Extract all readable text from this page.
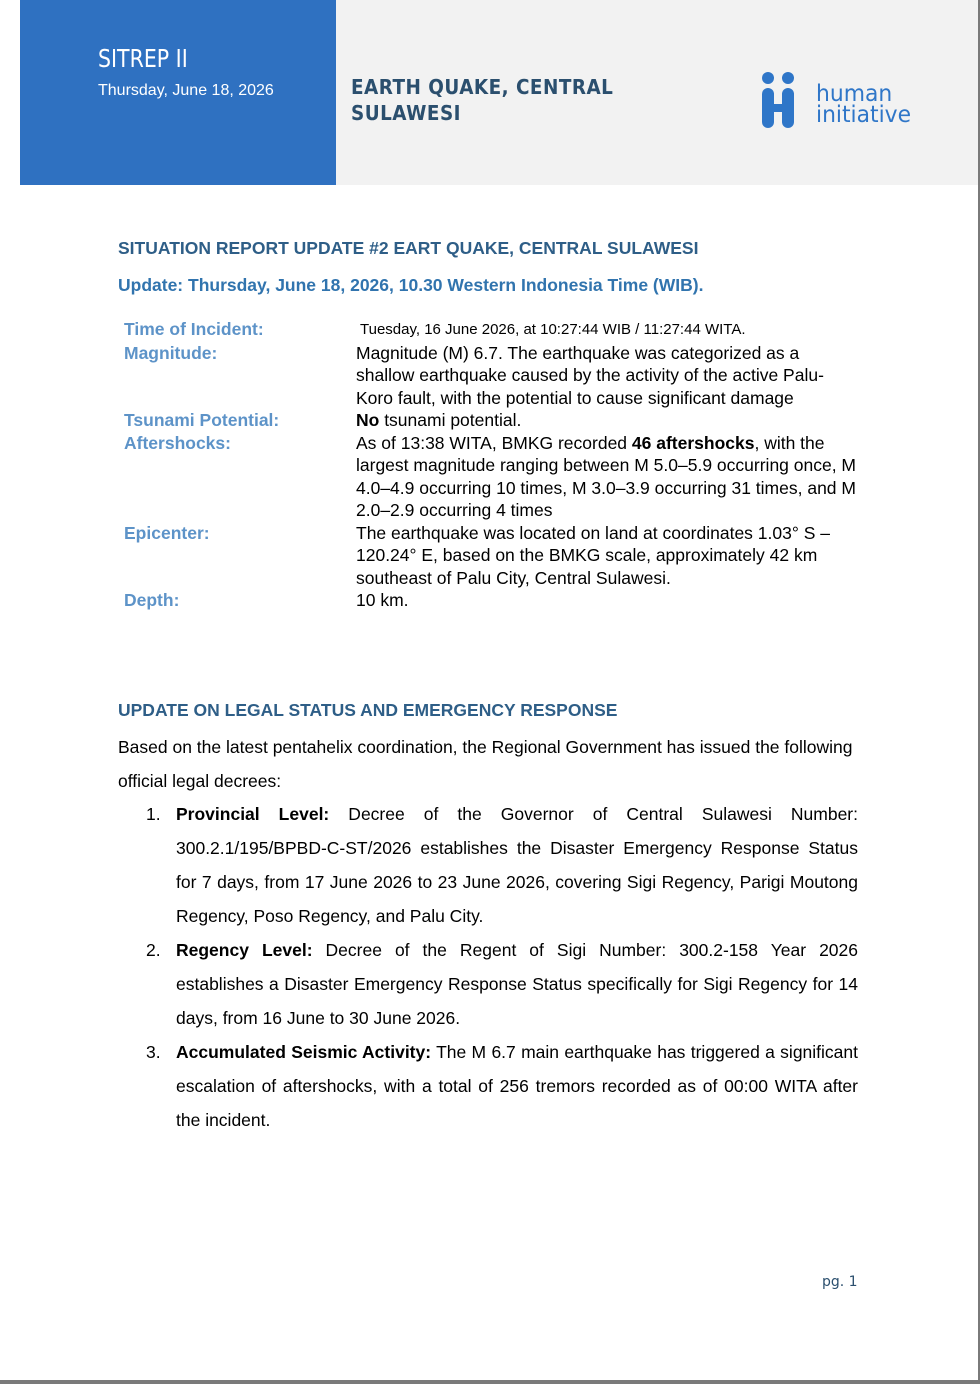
SITREP II
Thursday, June 18, 2026	EARTH QUAKE, CENTRAL SULAWESI
human
initiative
SITUATION REPORT UPDATE #2 EART QUAKE, CENTRAL SULAWESI
Update: Thursday, June 18, 2026, 10.30 Western Indonesia Time (WIB).
Time of Incident:	Tuesday, 16 June 2026, at 10:27:44 WIB / 11:27:44 WITA.
Magnitude:	Magnitude (M) 6.7. The earthquake was categorized as a shallow earthquake caused by the activity of the active Palu-Koro fault, with the potential to cause significant damage
Tsunami Potential:	No tsunami potential.
Aftershocks:	As of 13:38 WITA, BMKG recorded 46 aftershocks, with the largest magnitude ranging between M 5.0–5.9 occurring once, M 4.0–4.9 occurring 10 times, M 3.0–3.9 occurring 31 times, and M 2.0–2.9 occurring 4 times
Epicenter:	The earthquake was located on land at coordinates 1.03° S – 120.24° E, based on the BMKG scale, approximately 42 km southeast of Palu City, Central Sulawesi.
Depth:	10 km.
UPDATE ON LEGAL STATUS AND EMERGENCY RESPONSE
Based on the latest pentahelix coordination, the Regional Government has issued the following official legal decrees:
1. Provincial Level: Decree of the Governor of Central Sulawesi Number: 300.2.1/195/BPBD-C-ST/2026 establishes the Disaster Emergency Response Status for 7 days, from 17 June 2026 to 23 June 2026, covering Sigi Regency, Parigi Moutong Regency, Poso Regency, and Palu City.
2. Regency Level: Decree of the Regent of Sigi Number: 300.2-158 Year 2026 establishes a Disaster Emergency Response Status specifically for Sigi Regency for 14 days, from 16 June to 30 June 2026.
3. Accumulated Seismic Activity: The M 6.7 main earthquake has triggered a significant escalation of aftershocks, with a total of 256 tremors recorded as of 00:00 WITA after the incident.
pg. 1
